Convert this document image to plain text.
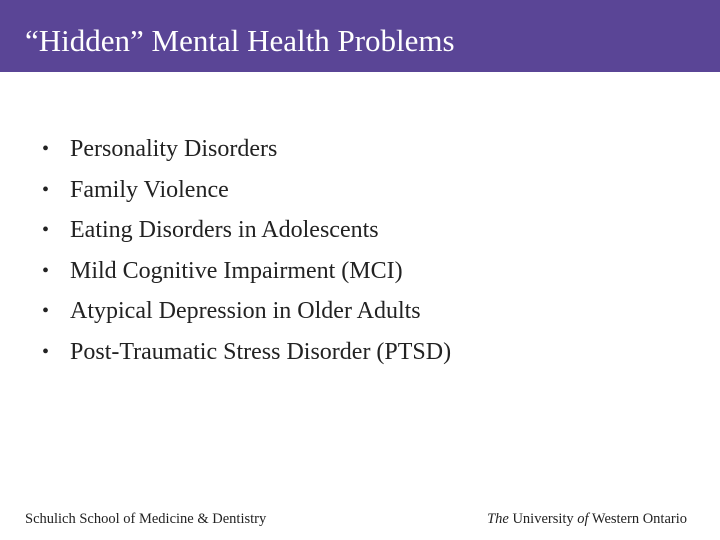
“Hidden” Mental Health Problems
• Personality Disorders
• Family Violence
• Eating Disorders in Adolescents
• Mild Cognitive Impairment (MCI)
• Atypical Depression in Older Adults
• Post-Traumatic Stress Disorder (PTSD)
Schulich School of Medicine & Dentistry	The University of Western Ontario
